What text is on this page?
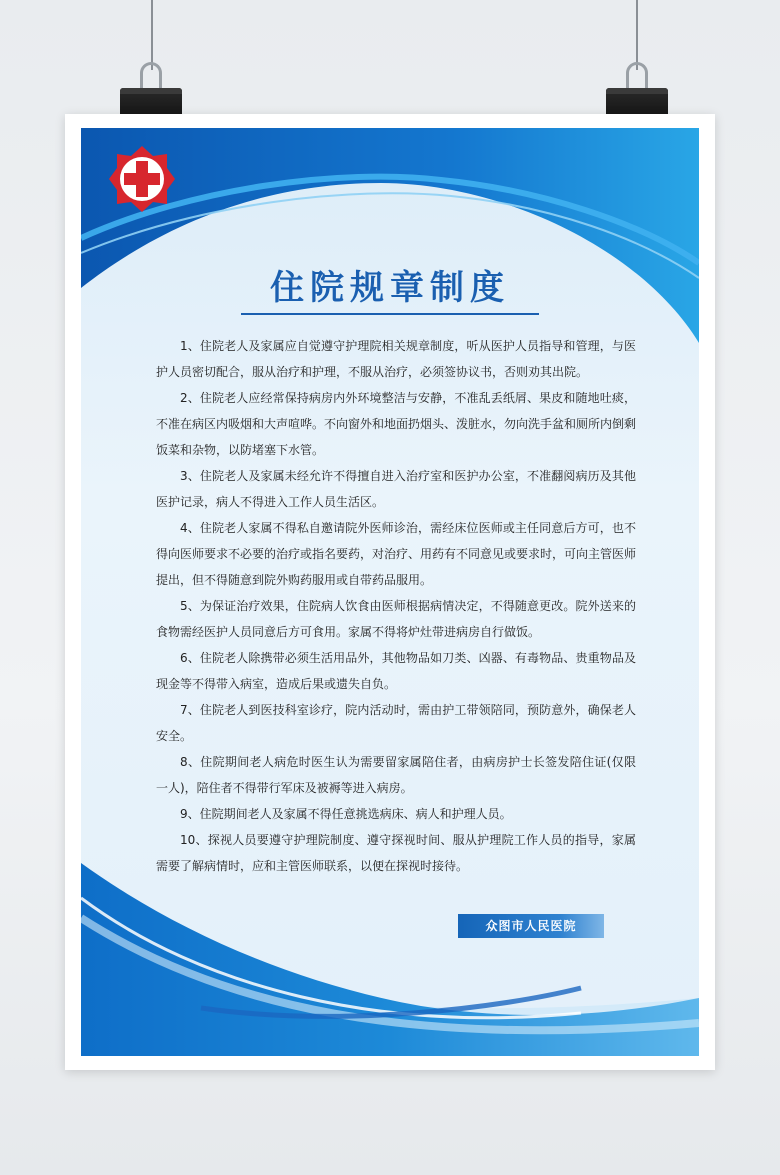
住院规章制度

1、住院老人及家属应自觉遵守护理院相关规章制度，听从医护人员指导和管理，与医护人员密切配合，服从治疗和护理，不服从治疗，必须签协议书，否则劝其出院。

2、住院老人应经常保持病房内外环境整洁与安静，不准乱丢纸屑、果皮和随地吐痰，不准在病区内吸烟和大声喧哗。不向窗外和地面扔烟头、泼脏水，勿向洗手盆和厕所内倒剩饭菜和杂物，以防堵塞下水管。

3、住院老人及家属未经允许不得擅自进入治疗室和医护办公室，不准翻阅病历及其他医护记录，病人不得进入工作人员生活区。

4、住院老人家属不得私自邀请院外医师诊治，需经床位医师或主任同意后方可，也不得向医师要求不必要的治疗或指名要药，对治疗、用药有不同意见或要求时，可向主管医师提出，但不得随意到院外购药服用或自带药品服用。

5、为保证治疗效果，住院病人饮食由医师根据病情决定，不得随意更改。院外送来的食物需经医护人员同意后方可食用。家属不得将炉灶带进病房自行做饭。

6、住院老人除携带必须生活用品外，其他物品如刀类、凶器、有毒物品、贵重物品及现金等不得带入病室，造成后果或遗失自负。

7、住院老人到医技科室诊疗，院内活动时，需由护工带领陪同，预防意外，确保老人安全。

8、住院期间老人病危时医生认为需要留家属陪住者，由病房护士长签发陪住证(仅限一人)，陪住者不得带行军床及被褥等进入病房。

9、住院期间老人及家属不得任意挑选病床、病人和护理人员。

10、探视人员要遵守护理院制度、遵守探视时间、服从护理院工作人员的指导，家属需要了解病情时，应和主管医师联系，以便在探视时接待。

众图市人民医院
